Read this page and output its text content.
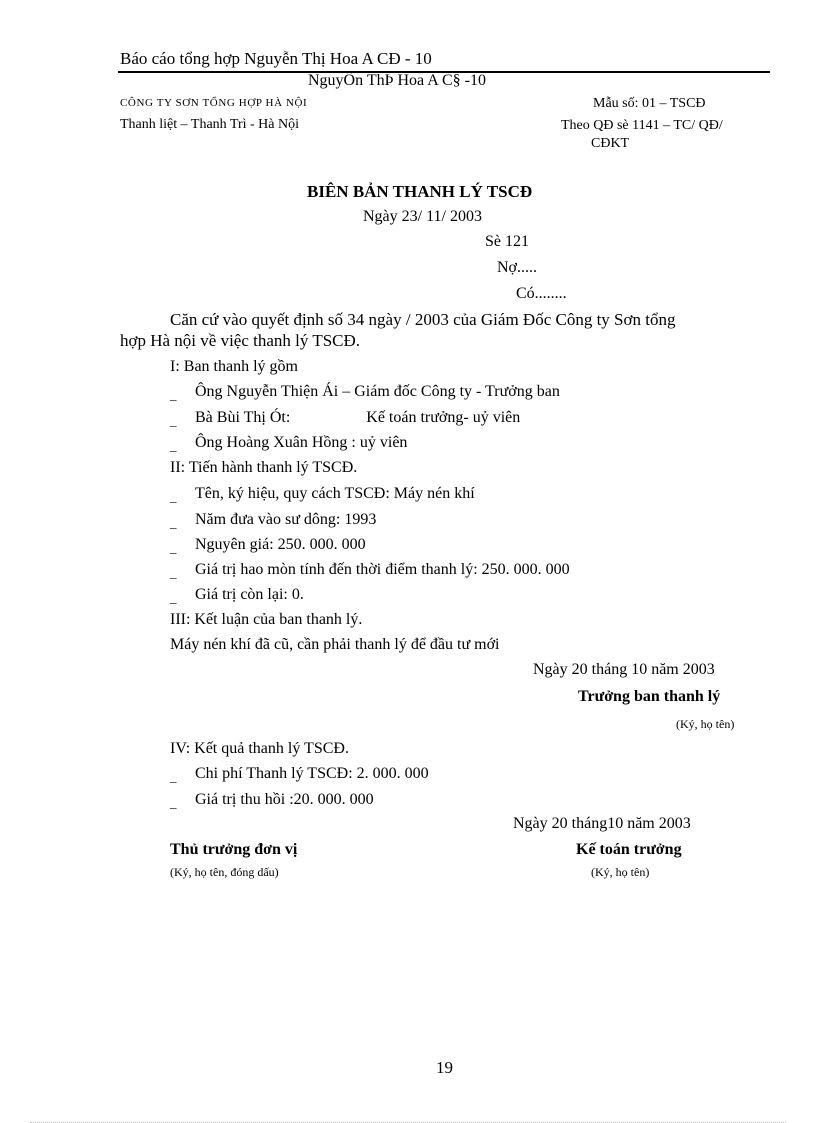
Báo cáo tổng hợp Nguyễn Thị Hoa A CĐ - 10
NguyÔn ThÞ Hoa A C§ -10
CÔNG TY SƠN TỔNG HỢP HÀ NỘI
Thanh liệt – Thanh Trì - Hà Nội
Mẫu số: 01 – TSCĐ
Theo QĐ sè 1141 – TC/ QĐ/
CĐKT
BIÊN BẢN THANH LÝ TSCĐ
Ngày 23/ 11/ 2003
Sè 121
Nợ.....
Có........
Căn cứ vào quyết định số 34 ngày / 2003 của Giám Đốc Công ty Sơn tổng
hợp Hà nội về việc thanh lý TSCĐ.
I: Ban thanh lý gồm
_ Ông Nguyễn Thiện Ái – Giám đốc Công ty - Trưởng ban
_ Bà Bùi Thị Ót:                   Kế toán trưởng- uỷ viên
_ Ông Hoàng Xuân Hồng : uỷ viên
II: Tiến hành thanh lý TSCĐ.
_ Tên, ký hiệu, quy cách TSCĐ: Máy nén khí
_ Năm đưa vào sư dông: 1993
_ Nguyên giá: 250. 000. 000
_ Giá trị hao mòn tính đến thời điểm thanh lý: 250. 000. 000
_ Giá trị còn lại: 0.
III: Kết luận của ban thanh lý.
Máy nén khí đã cũ, cần phải thanh lý để đầu tư mới
Ngày 20 tháng 10 năm 2003
Trưởng ban thanh lý
(Ký, họ tên)
IV: Kết quả thanh lý TSCĐ.
_ Chi phí Thanh lý TSCĐ: 2. 000. 000
_ Giá trị thu hồi :20. 000. 000
Ngày 20 tháng10 năm 2003
Thủ trưởng đơn vị	Kế toán trưởng
(Ký, họ tên, đóng dấu)	(Ký, họ tên)
19
